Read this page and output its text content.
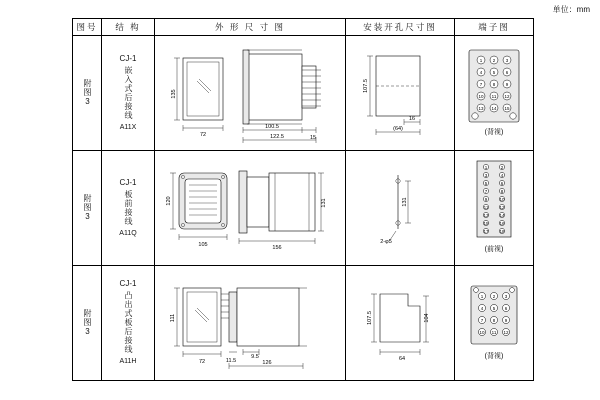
单位：mm
图号	结 构	外 形 尺 寸 图	安装开孔尺寸图	端子图

附图3

CJ-1
嵌入式后接线
A11X

135
72
100.5
15
122.5

107.5
16
(64)

1 2 3
4 5 6
7 8 9
10 11 12
13 14 15
(背视)

附图3

CJ-1
板前接线
A11Q

120
105
131
156

131
2-φ5

1	2
3	4
5	6
7	8
9	10
11 12
13 14
15 16
17 18
(前视)

附图3

CJ-1
凸出式板后接线
A11H

111
72	11.5
9.5
126

107.5	104
64

1 2 3
4 5 6
7 8 9
10 11 12
(背视)
